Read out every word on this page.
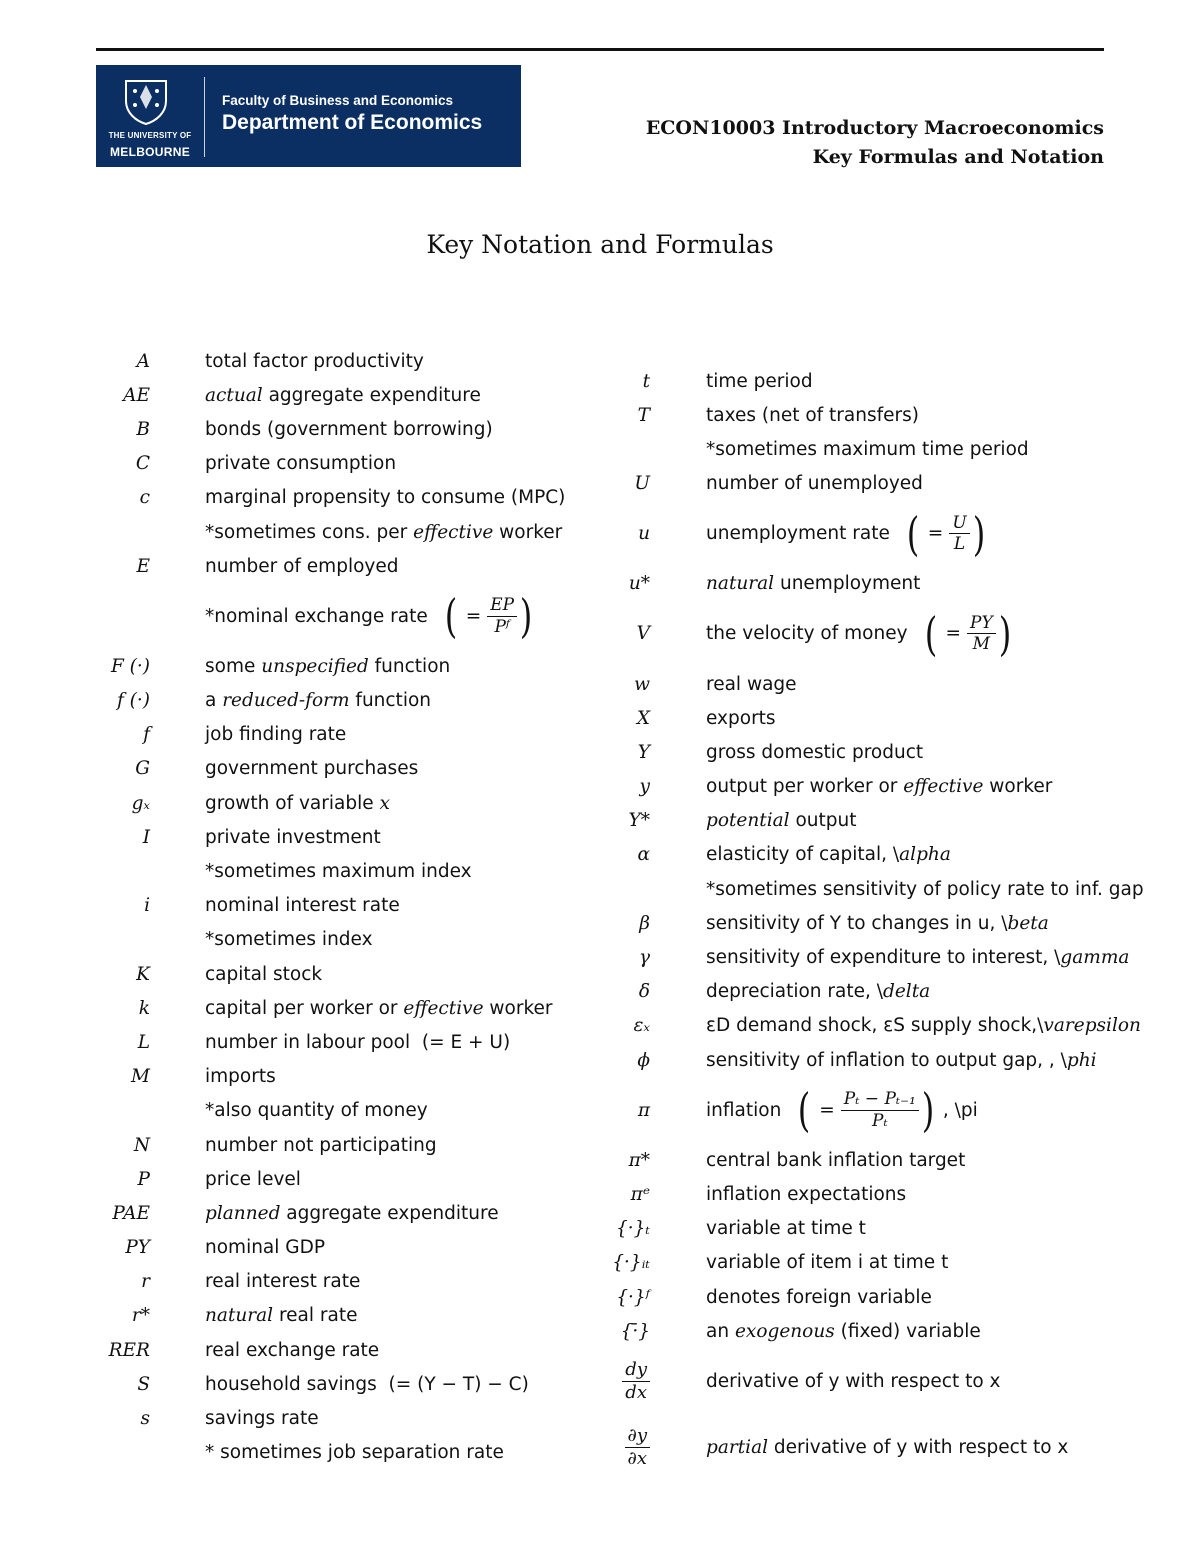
THE UNIVERSITY OF
MELBOURNE
Faculty of Business and Economics
Department of Economics	ECON10003 Introductory Macroeconomics
Key Formulas and Notation
Key Notation and Formulas
A	total factor productivity
AE	actual aggregate expenditure
B	bonds (government borrowing)
C	private consumption
c	marginal propensity to consume (MPC)
*sometimes cons. per effective worker
E	number of employed
*nominal exchange rate ( = $\frac{EP}{\text{Pᶠ}}$ )
F (·)	some unspecified function
f (·)	a reduced-form function
f	job finding rate
G	government purchases
gₓ	growth of variable x
I	private investment
*sometimes maximum index
i	nominal interest rate
*sometimes index
K	capital stock
k	capital per worker or effective worker
L	number in labour pool  (= E + U)
M	imports
*also quantity of money
N	number not participating
P	price level
PAE	planned aggregate expenditure
PY	nominal GDP
r	real interest rate
r*	natural real rate
RER	real exchange rate
S	household savings  (= (Y − T) − C)
s	savings rate
* sometimes job separation rate
t	time period
T	taxes (net of transfers)
*sometimes maximum time period
U	number of unemployed
u	unemployment rate ( = $\frac{U}{L}$ )
u*	natural unemployment
V	the velocity of money ( = $\frac{PY}{M}$ )
w	real wage
X	exports
Y	gross domestic product
y	output per worker or effective worker
Y*	potential output
α	elasticity of capital, \alpha
*sometimes sensitivity of policy rate to inf. gap
β	sensitivity of Y to changes in u, \beta
γ	sensitivity of expenditure to interest, \gamma
δ	depreciation rate, \delta
εₓ	εD demand shock, εS supply shock,\varepsilon
ϕ	sensitivity of inflation to output gap, , \phi
π	inflation ( = $\frac{\text{Pₜ − Pₜ₋₁}}{\text{Pₜ}}$ ) , \pi
π*	central bank inflation target
πᵉ	inflation expectations
{·}ₜ	variable at time t
{·}ᵢₜ	variable of item i at time t
{·}ᶠ	denotes foreign variable
{·̄}	an exogenous (fixed) variable
$\frac{dy}{dx}$	derivative of y with respect to x
$\frac{\partial y}{\partial x}$	partial derivative of y with respect to x
